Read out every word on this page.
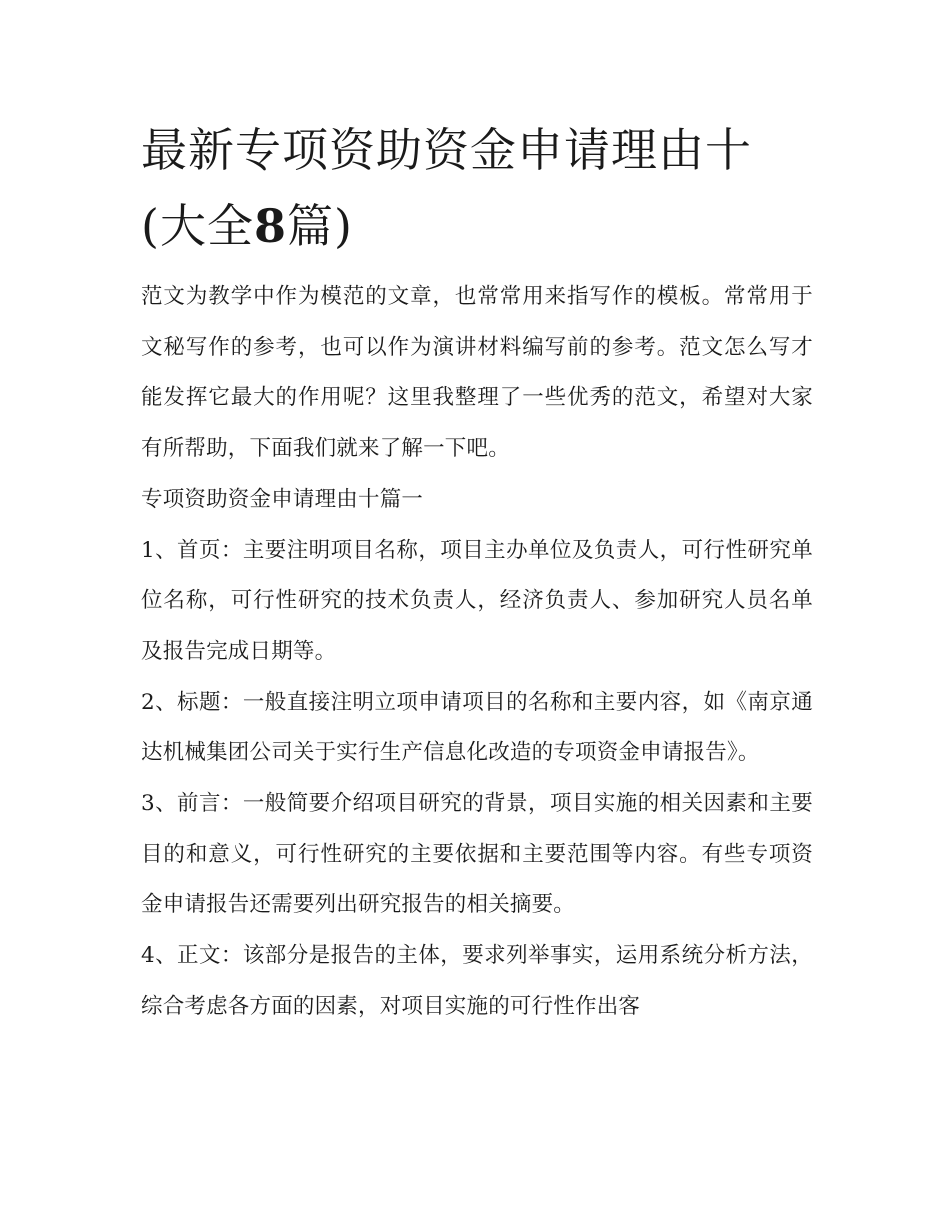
最新专项资助资金申请理由十
(大全8篇)

范文为教学中作为模范的文章，也常常用来指写作的模板。常常用于文秘写作的参考，也可以作为演讲材料编写前的参考。范文怎么写才能发挥它最大的作用呢？这里我整理了一些优秀的范文，希望对大家有所帮助，下面我们就来了解一下吧。

专项资助资金申请理由十篇一

1、首页：主要注明项目名称，项目主办单位及负责人，可行性研究单位名称，可行性研究的技术负责人，经济负责人、参加研究人员名单及报告完成日期等。

2、标题：一般直接注明立项申请项目的名称和主要内容，如《南京通达机械集团公司关于实行生产信息化改造的专项资金申请报告》。

3、前言：一般简要介绍项目研究的背景，项目实施的相关因素和主要目的和意义，可行性研究的主要依据和主要范围等内容。有些专项资金申请报告还需要列出研究报告的相关摘要。

4、正文：该部分是报告的主体，要求列举事实，运用系统分析方法，综合考虑各方面的因素，对项目实施的可行性作出客
